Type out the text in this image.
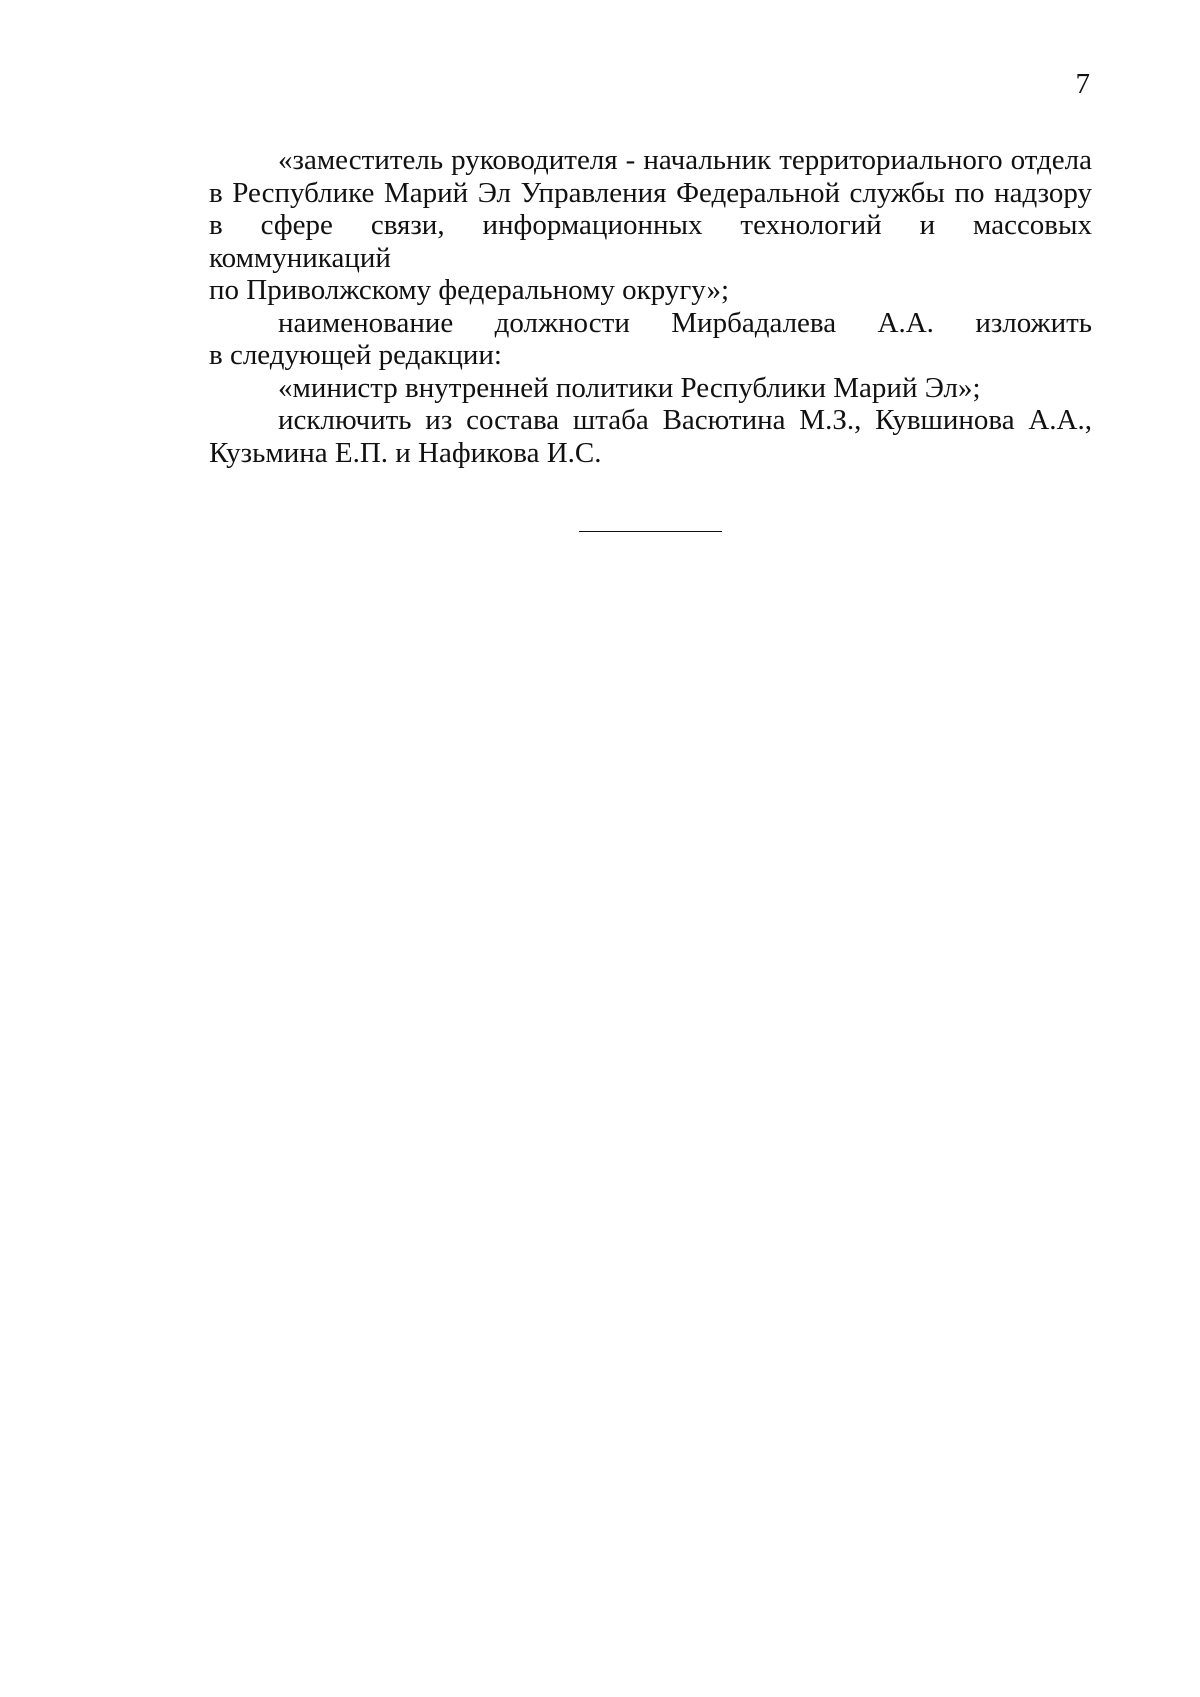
7
«заместитель руководителя - начальник территориального отдела
в Республике Марий Эл Управления Федеральной службы по надзору
в сфере связи, информационных технологий и массовых коммуникаций
по Приволжскому федеральному округу»;
наименование должности Мирбадалева А.А. изложить
в следующей редакции:
«министр внутренней политики Республики Марий Эл»;
исключить из состава штаба Васютина М.З., Кувшинова А.А.,
Кузьмина Е.П. и Нафикова И.С.
